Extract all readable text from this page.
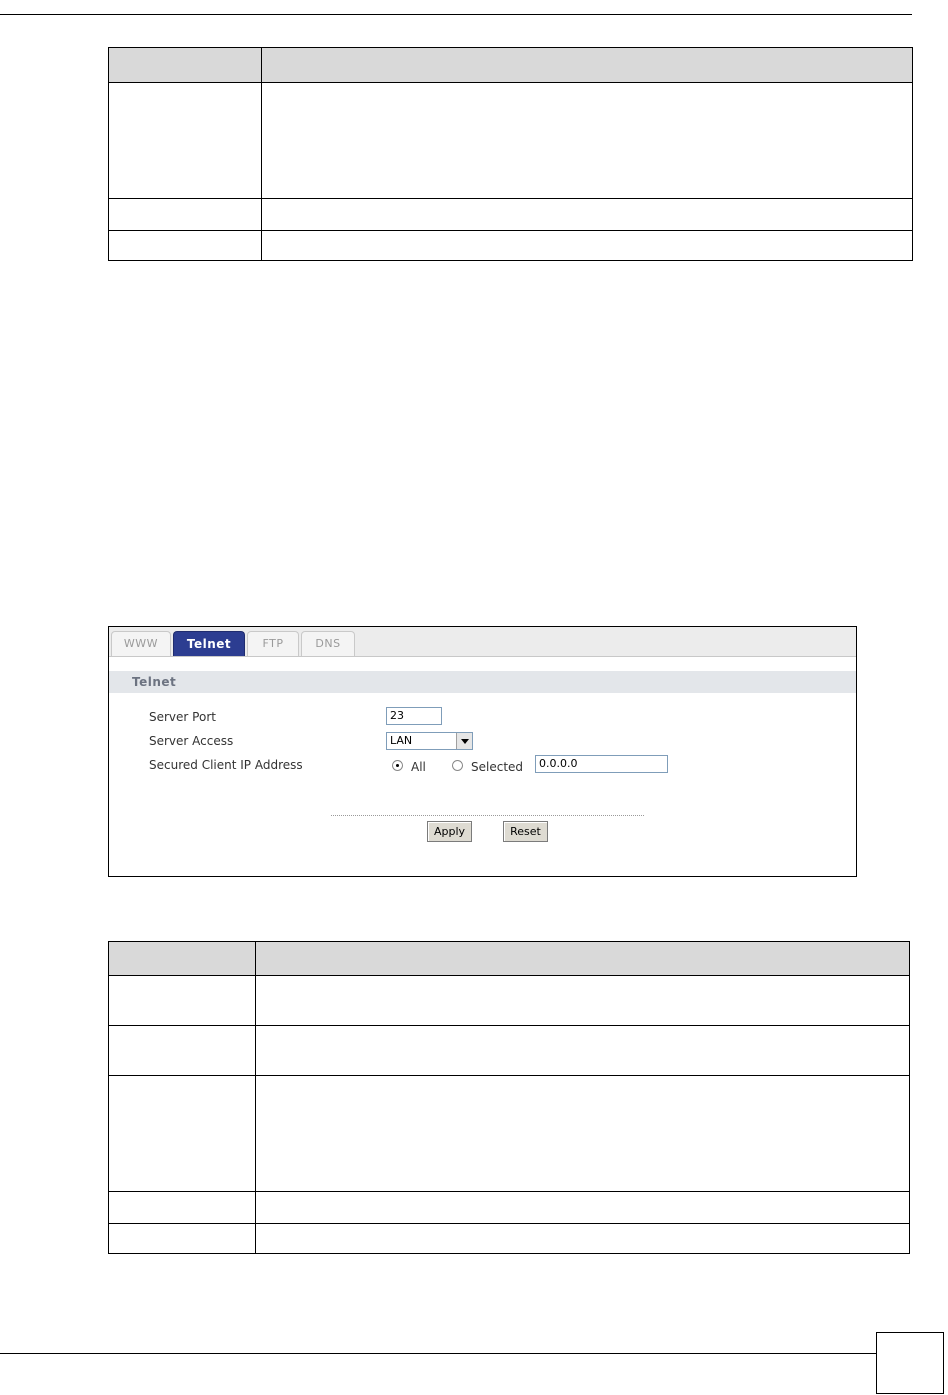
WWW	Telnet	FTP	DNS
Telnet
Server Port	23
Server Access	LAN
Secured Client IP Address	All	Selected	0.0.0.0
Apply	Reset
